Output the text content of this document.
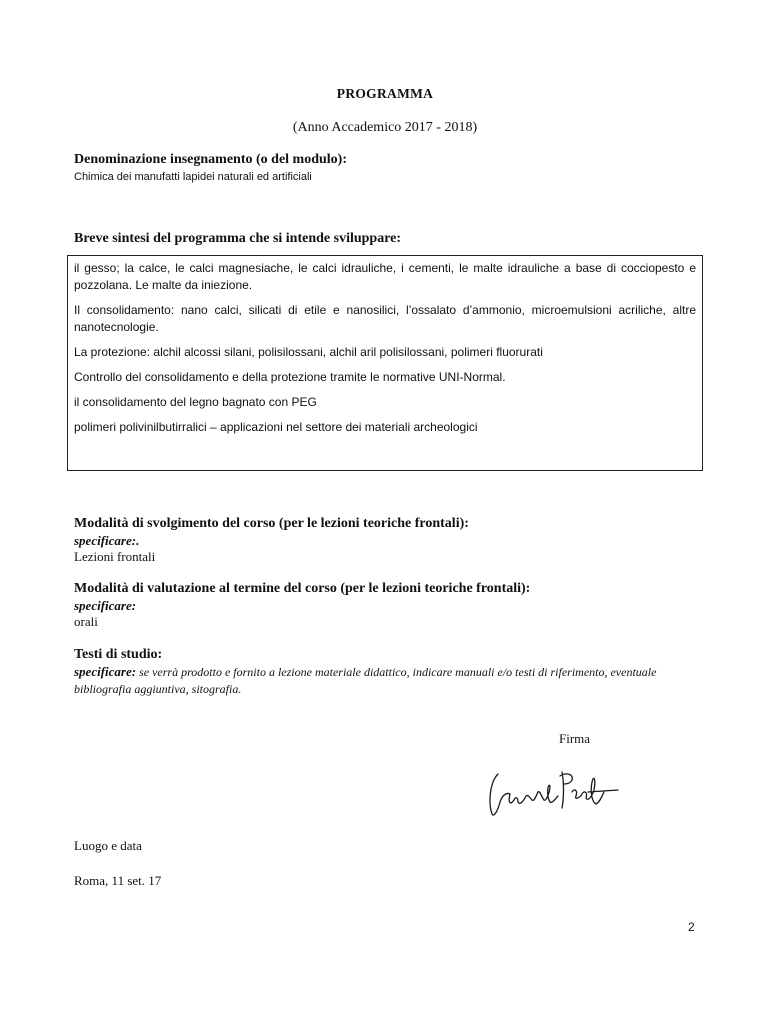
PROGRAMMA
(Anno Accademico 2017 - 2018)
Denominazione insegnamento (o del modulo):
Chimica dei manufatti lapidei naturali ed artificiali
Breve sintesi del programma che si intende sviluppare:

il gesso; la calce, le calci magnesiache, le calci idrauliche, i cementi, le malte idrauliche a base di cocciopesto e pozzolana. Le malte da iniezione.

Il consolidamento: nano calci, silicati di etile e nanosilici, l’ossalato d’ammonio, microemulsioni acriliche, altre nanotecnologie.

La protezione: alchil alcossi silani, polisilossani, alchil aril polisilossani, polimeri fluorurati

Controllo del consolidamento e della protezione tramite le normative UNI-Normal.

il consolidamento del legno bagnato con PEG

polimeri polivinilbutirralici – applicazioni nel settore dei materiali archeologici

Modalità di svolgimento del corso (per le lezioni teoriche frontali):
specificare:.
Lezioni frontali
Modalità di valutazione al termine del corso (per le lezioni teoriche frontali):
specificare:
orali
Testi di studio:
specificare: se verrà prodotto e fornito a lezione materiale didattico, indicare manuali e/o testi di riferimento, eventuale bibliografia aggiuntiva, sitografia.
Firma
Luogo e data
Roma, 11 set. 17
2
